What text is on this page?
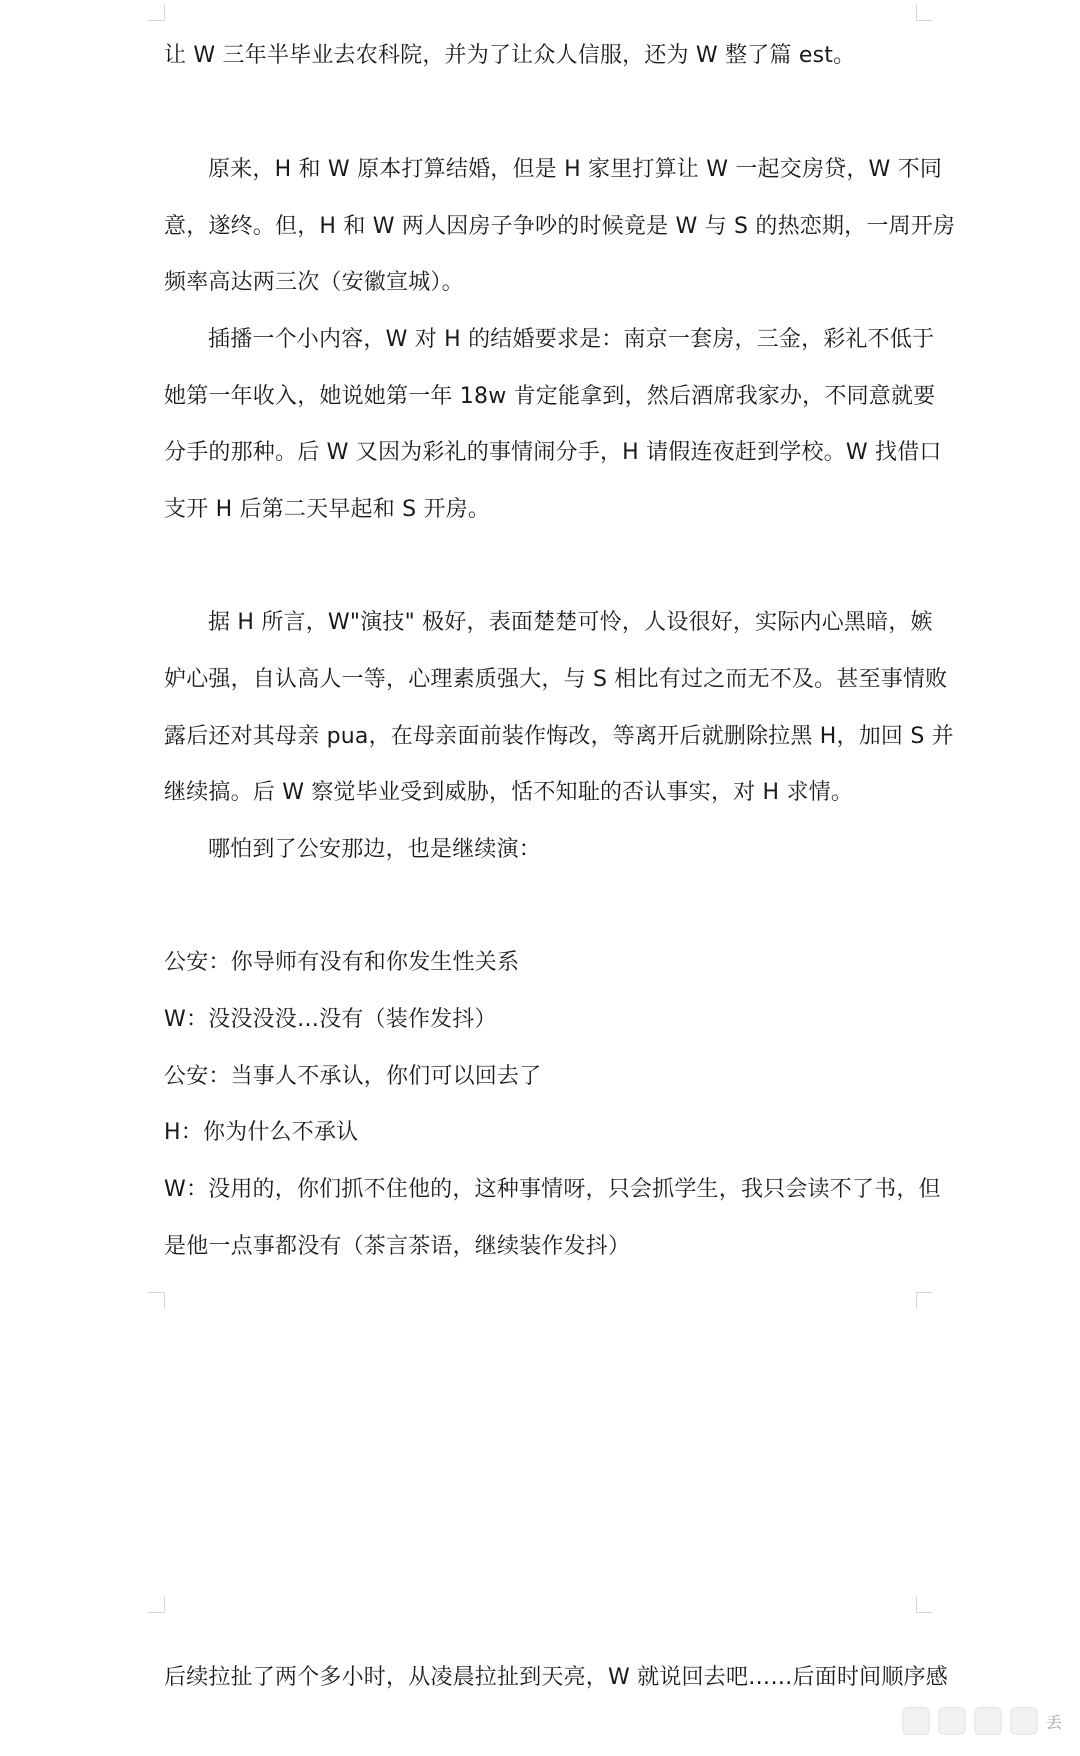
让 W 三年半毕业去农科院，并为了让众人信服，还为 W 整了篇 est。
原来，H 和 W 原本打算结婚，但是 H 家里打算让 W 一起交房贷，W 不同
意，遂终。但，H 和 W 两人因房子争吵的时候竟是 W 与 S 的热恋期，一周开房
频率高达两三次（安徽宣城）。
插播一个小内容，W 对 H 的结婚要求是：南京一套房，三金，彩礼不低于
她第一年收入，她说她第一年 18w 肯定能拿到，然后酒席我家办，不同意就要
分手的那种。后 W 又因为彩礼的事情闹分手，H 请假连夜赶到学校。W 找借口
支开 H 后第二天早起和 S 开房。
据 H 所言，W"演技" 极好，表面楚楚可怜，人设很好，实际内心黑暗，嫉
妒心强，自认高人一等，心理素质强大，与 S 相比有过之而无不及。甚至事情败
露后还对其母亲 pua，在母亲面前装作悔改，等离开后就删除拉黑 H，加回 S 并
继续搞。后 W 察觉毕业受到威胁，恬不知耻的否认事实，对 H 求情。
哪怕到了公安那边，也是继续演：
公安：你导师有没有和你发生性关系
W：没没没没…没有（装作发抖）
公安：当事人不承认，你们可以回去了
H：你为什么不承认
W：没用的，你们抓不住他的，这种事情呀，只会抓学生，我只会读不了书，但
是他一点事都没有（茶言茶语，继续装作发抖）
后续拉扯了两个多小时，从凌晨拉扯到天亮，W 就说回去吧……后面时间顺序感
丢
